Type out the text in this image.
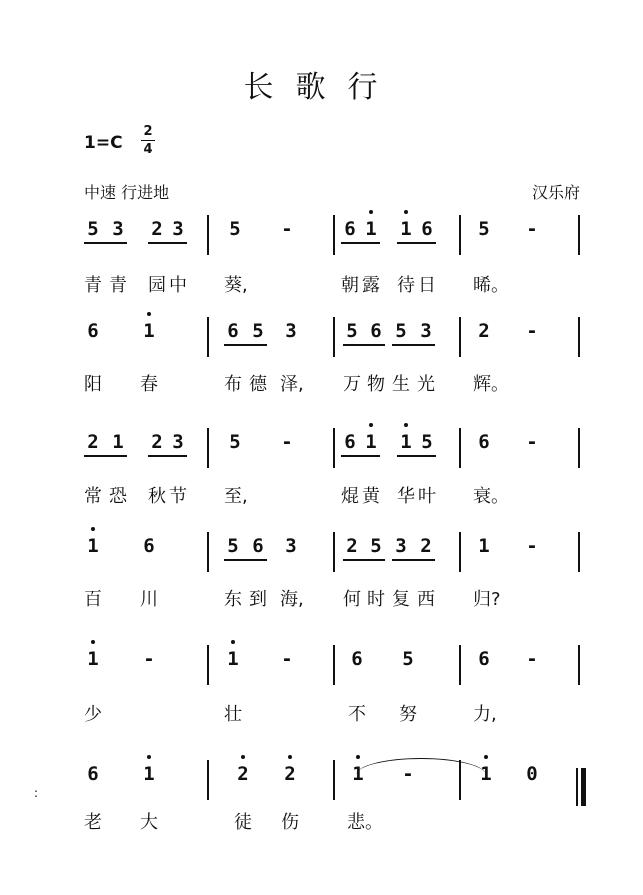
长歌行
1=C
2
4
中速 行进地	汉乐府
:
5 3 2 3 5 -	6 1 1 6 5 -
青 青 园 中 葵,	朝 露 待 日 晞。
6 1	6 5 3	5 6 5 3 2 -
阳 春	布 德 泽, 万 物 生 光 辉。
2 1 2 3 5 -	6 1 1 5 6 -
常 恐 秋 节 至,	焜 黄 华 叶 衰。
1 6	5 6 3	2 5 3 2 1 -
百 川	东 到 海, 何 时 复 西 归?
1 -	1 -	6 5	6 -
少	壮	不 努	力,
6 1	2 2	1 -	1 0
老 大	徒 伤	悲。
